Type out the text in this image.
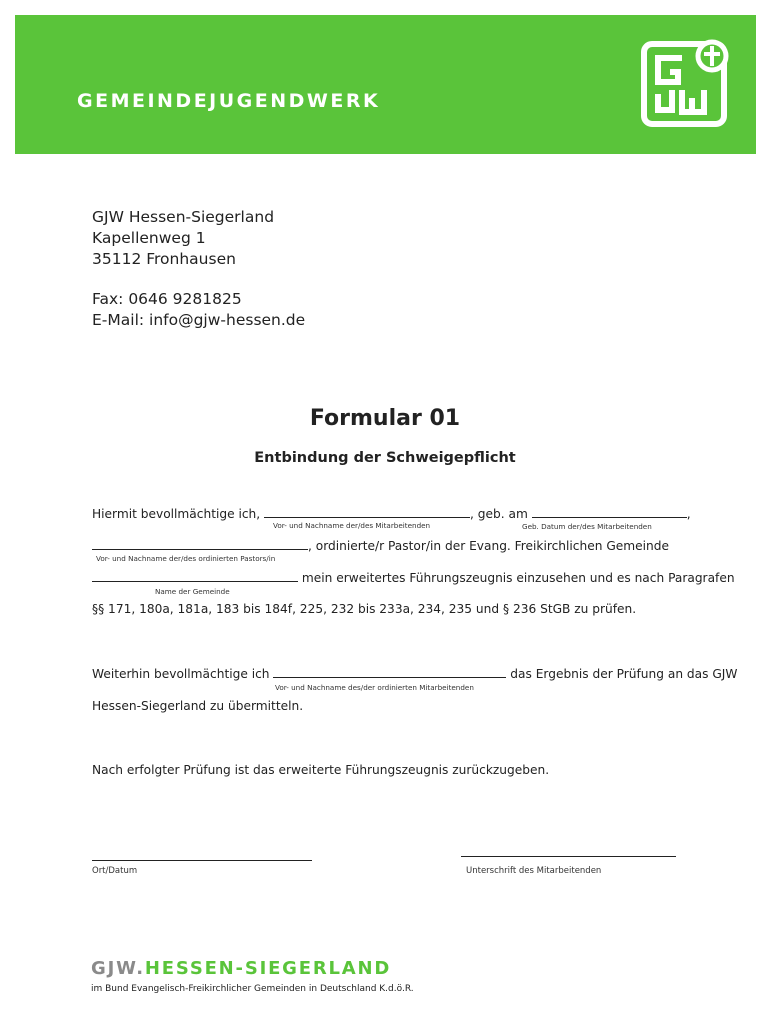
GEMEINDEJUGENDWERK
GJW Hessen-Siegerland
Kapellenweg 1
35112 Fronhausen
Fax: 0646 9281825
E-Mail: info@gjw-hessen.de
Formular 01
Entbindung der Schweigepflicht
Hiermit bevollmächtige ich,	, geb. am	,
Vor- und Nachname der/des Mitarbeitenden	Geb. Datum der/des Mitarbeitenden
, ordinierte/r Pastor/in der Evang. Freikirchlichen Gemeinde
Vor- und Nachname der/des ordinierten Pastors/in
mein erweitertes Führungszeugnis einzusehen und es nach Paragrafen
Name der Gemeinde
§§ 171, 180a, 181a, 183 bis 184f, 225, 232 bis 233a, 234, 235 und § 236 StGB zu prüfen.
Weiterhin bevollmächtige ich	das Ergebnis der Prüfung an das GJW
Vor- und Nachname des/der ordinierten Mitarbeitenden
Hessen-Siegerland zu übermitteln.
Nach erfolgter Prüfung ist das erweiterte Führungszeugnis zurückzugeben.
Ort/Datum	Unterschrift des Mitarbeitenden
GJW.HESSEN-SIEGERLAND
im Bund Evangelisch-Freikirchlicher Gemeinden in Deutschland K.d.ö.R.
